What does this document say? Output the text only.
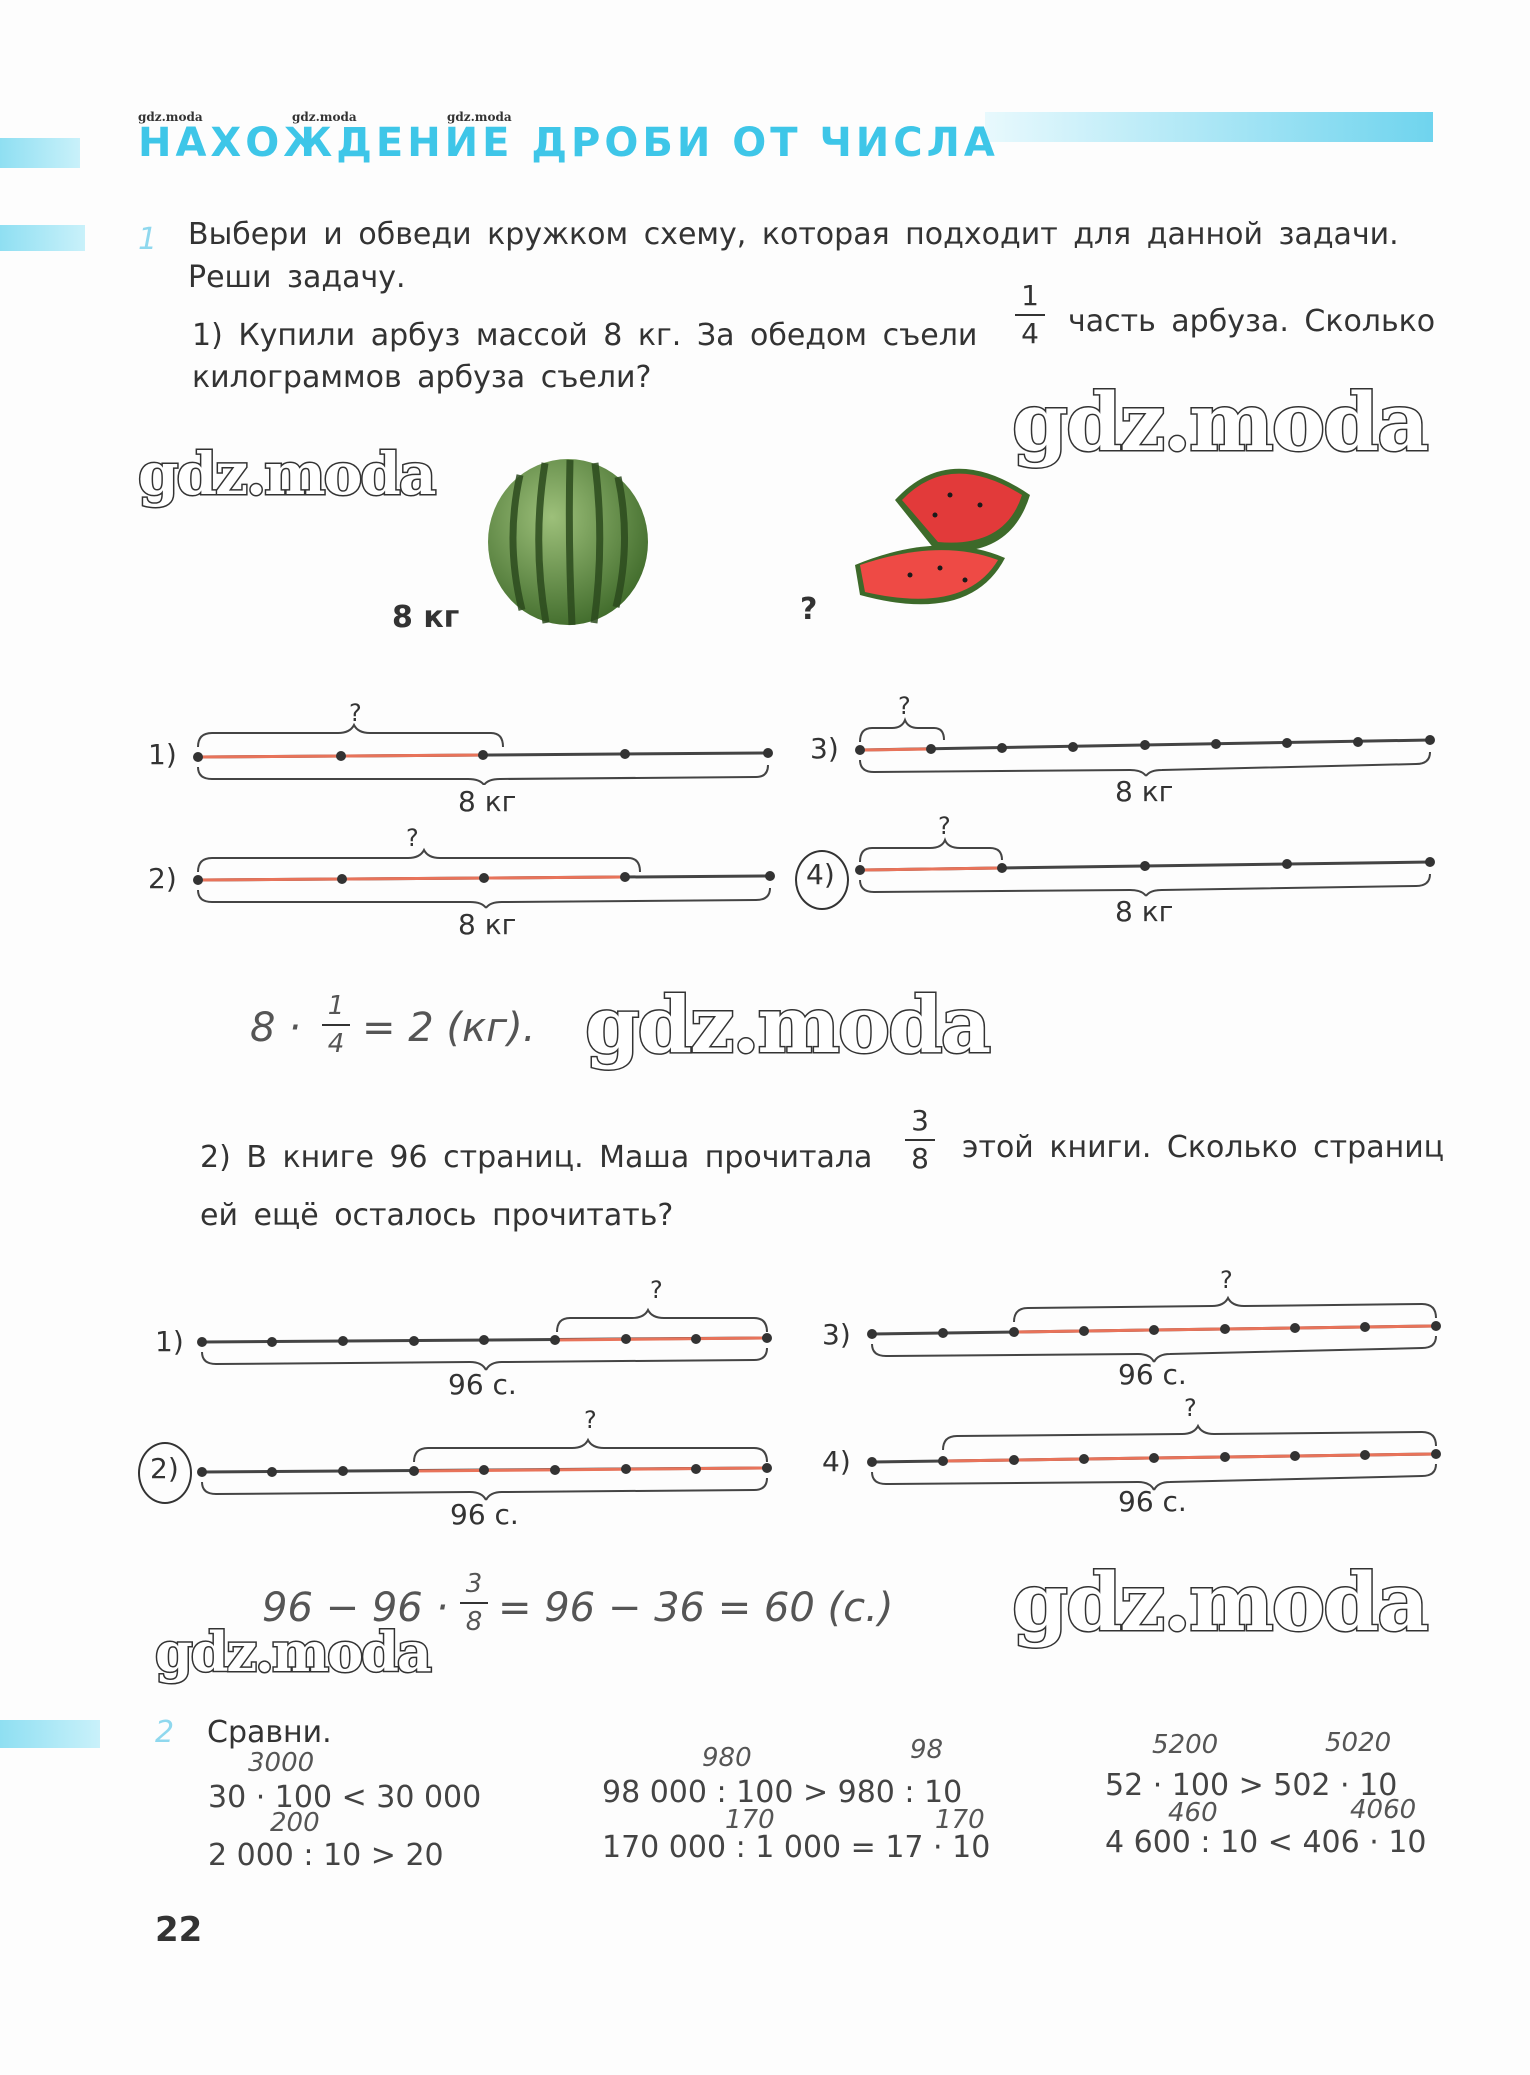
gdz.moda	gdz.moda	gdz.moda
НАХОЖДЕНИЕ ДРОБИ ОТ ЧИСЛА
1 Выбери и обведи кружком схему, которая подходит для данной задачи.
Реши задачу.
1) Купили арбуз массой 8 кг. За обедом съели
1
4 часть арбуза. Сколько
килограммов арбуза съели?
8 кг	?
1)
?
8 кг
2)
?
8 кг
3)
?
8 кг
4)
?
8 кг
8 · 1
4 = 2 (кг).
2) В книге 96 страниц. Маша прочитала
3
8 этой книги. Сколько страниц
ей ещё осталось прочитать?
1)
?
96 с.
2)
?
96 с.
3)
?
96 с.
4)
?
96 с.
96 − 96 ·
3
8 = 96 − 36 = 60 (с.)
gdz.moda
gdz.moda
gdz.moda
gdz.moda
gdz.moda
2 Сравни.
3000
30 · 100 < 30 000
200
2 000 : 10 > 20
980	98
98 000 : 100 > 980 : 10
170	170
170 000 : 1 000 = 17 · 10
5200	5020
52 · 100 > 502 · 10
460	4060
4 600 : 10 < 406 · 10
22
